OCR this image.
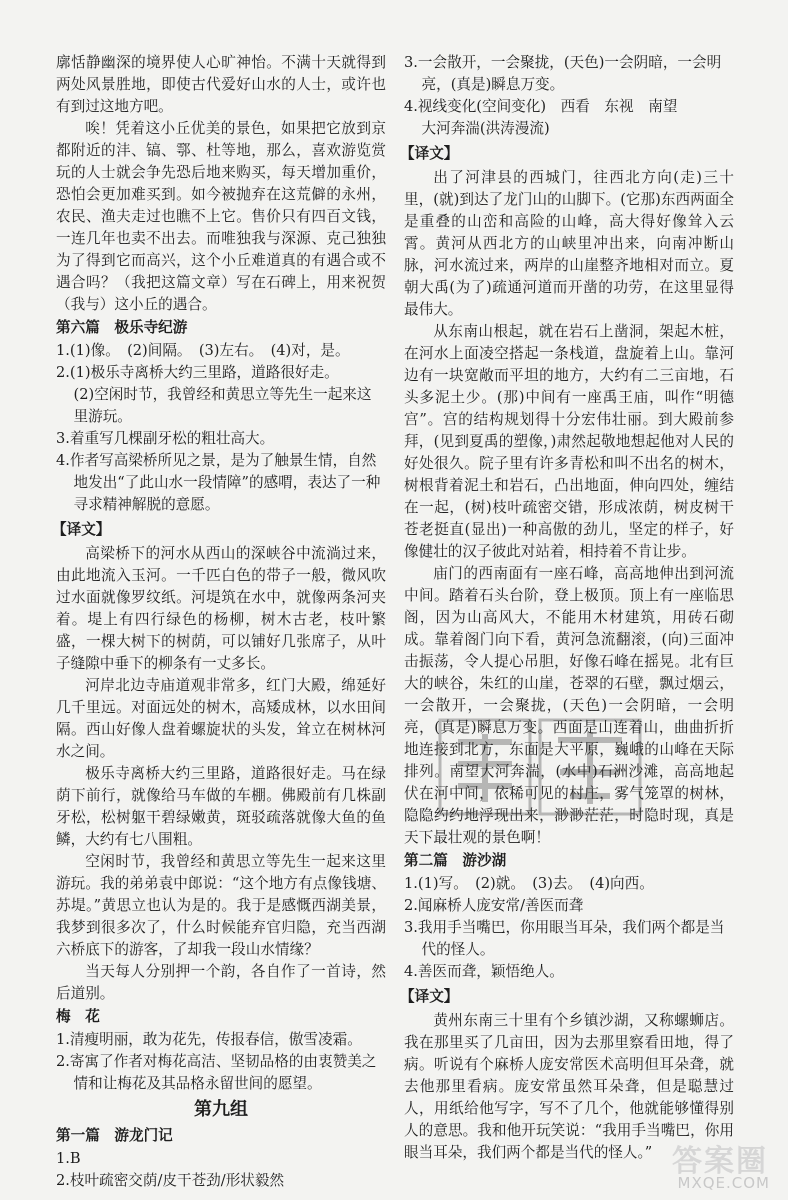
廓恬静幽深的境界使人心旷神怡。不满十天就得到两处风景胜地，即使古代爱好山水的人士，或许也有到过这地方吧。

唉！凭着这小丘优美的景色，如果把它放到京都附近的沣、镐、鄠、杜等地，那么，喜欢游览赏玩的人士就会争先恐后地来购买，每天增加重价，恐怕会更加难买到。如今被抛弃在这荒僻的永州，农民、渔夫走过也瞧不上它。售价只有四百文钱，一连几年也卖不出去。而唯独我与深源、克己独独为了得到它而高兴，这个小丘难道真的有遇合或不遇合吗？（我把这篇文章）写在石碑上，用来祝贺（我与）这小丘的遇合。

第六篇　极乐寺纪游

1.(1)像。　(2)间隔。　(3)左右。　(4)对，是。

2.(1)极乐寺离桥大约三里路，道路很好走。

(2)空闲时节，我曾经和黄思立等先生一起来这里游玩。

3.着重写几棵副牙松的粗壮高大。

4.作者写高梁桥所见之景，是为了触景生情，自然地发出“了此山水一段情障”的感喟，表达了一种寻求精神解脱的意愿。

【译文】

高梁桥下的河水从西山的深峡谷中流淌过来，由此地流入玉河。一千匹白色的带子一般，微风吹过水面就像罗纹纸。河堤筑在水中，就像两条河夹着。堤上有四行绿色的杨柳，树木古老，枝叶繁盛，一棵大树下的树荫，可以铺好几张席子，从叶子缝隙中垂下的柳条有一丈多长。

河岸北边寺庙道观非常多，红门大殿，绵延好几千里远。对面远处的树木，高矮成林，以水田间隔。西山好像人盘着螺旋状的头发，耸立在树林河水之间。

极乐寺离桥大约三里路，道路很好走。马在绿荫下前行，就像给马车做的车棚。佛殿前有几株副牙松，松树躯干碧绿嫩黄，斑驳疏落就像大鱼的鱼鳞，大约有七八围粗。

空闲时节，我曾经和黄思立等先生一起来这里游玩。我的弟弟袁中郎说：“这个地方有点像钱塘、苏堤。”黄思立也认为是的。我于是感慨西湖美景，我梦到很多次了，什么时候能弃官归隐，充当西湖六桥底下的游客，了却我一段山水情缘？

当天每人分别押一个韵，各自作了一首诗，然后道别。

梅　花

1.清瘦明丽，敢为花先，传报春信，傲雪凌霜。

2.寄寓了作者对梅花高洁、坚韧品格的由衷赞美之情和让梅花及其品格永留世间的愿望。

第九组
第一篇　游龙门记

1.B

2.枝叶疏密交荫/皮干苍劲/形状毅然

3.一会散开，一会聚拢，(天色)一会阴暗，一会明亮，(真是)瞬息万变。

4.视线变化(空间变化)　西看　东视　南望

大河奔湍(洪涛漫流)

【译文】

出了河津县的西城门，往西北方向(走)三十里，(就)到达了龙门山的山脚下。(它那)东西两面全是重叠的山峦和高险的山峰，高大得好像耸入云霄。黄河从西北方的山峡里冲出来，向南冲断山脉，河水流过来，两岸的山崖整齐地相对而立。夏朝大禹(为了)疏通河道而开凿的功劳，在这里显得最伟大。

从东南山根起，就在岩石上凿洞，架起木桩，在河水上面凌空搭起一条栈道，盘旋着上山。靠河边有一块宽敞而平坦的地方，大约有二三亩地，石头多泥土少。(那)中间有一座禹王庙，叫作“明德宫”。宫的结构规划得十分宏伟壮丽。到大殿前参拜，(见到夏禹的塑像，)肃然起敬地想起他对人民的好处很久。院子里有许多青松和叫不出名的树木，树根背着泥土和岩石，凸出地面，伸向四处，缠结在一起，(树)枝叶疏密交错，形成浓荫，树皮树干苍老挺直(显出)一种高傲的劲儿，坚定的样子，好像健壮的汉子彼此对站着，相持着不肯让步。

庙门的西南面有一座石峰，高高地伸出到河流中间。踏着石头台阶，登上极顶。顶上有一座临思阁，因为山高风大，不能用木材建筑，用砖石砌成。靠着阁门向下看，黄河急流翻滚，(向)三面冲击振荡，令人提心吊胆，好像石峰在摇晃。北有巨大的峡谷，朱红的山崖，苍翠的石壁，飘过烟云，一会散开，一会聚拢，(天色)一会阴暗，一会明亮，(真是)瞬息万变。西面是山连着山，曲曲折折地连接到北方，东面是大平原，巍峨的山峰在天际排列。南望大河奔湍，(水中)石洲沙滩，高高地起伏在河中间，依稀可见的村庄，雾气笼罩的树林，隐隐约约地浮现出来，渺渺茫茫，时隐时现，真是天下最壮观的景色啊！

第二篇　游沙湖

1.(1)写。　(2)就。　(3)去。　(4)向西。

2.闻麻桥人庞安常/善医而聋

3.我用手当嘴巴，你用眼当耳朵，我们两个都是当代的怪人。

4.善医而聋，颖悟绝人。

【译文】

黄州东南三十里有个乡镇沙湖，又称螺蛳店。我在那里买了几亩田，因为去那里察看田地，得了病。听说有个麻桥人庞安常医术高明但耳朵聋，就去他那里看病。庞安常虽然耳朵聋，但是聪慧过人，用纸给他写字，写不了几个，他就能够懂得别人的意思。我和他开玩笑说：“我用手当嘴巴，你用眼当耳朵，我们两个都是当代的怪人。” 答案圈
MXQE.COM
